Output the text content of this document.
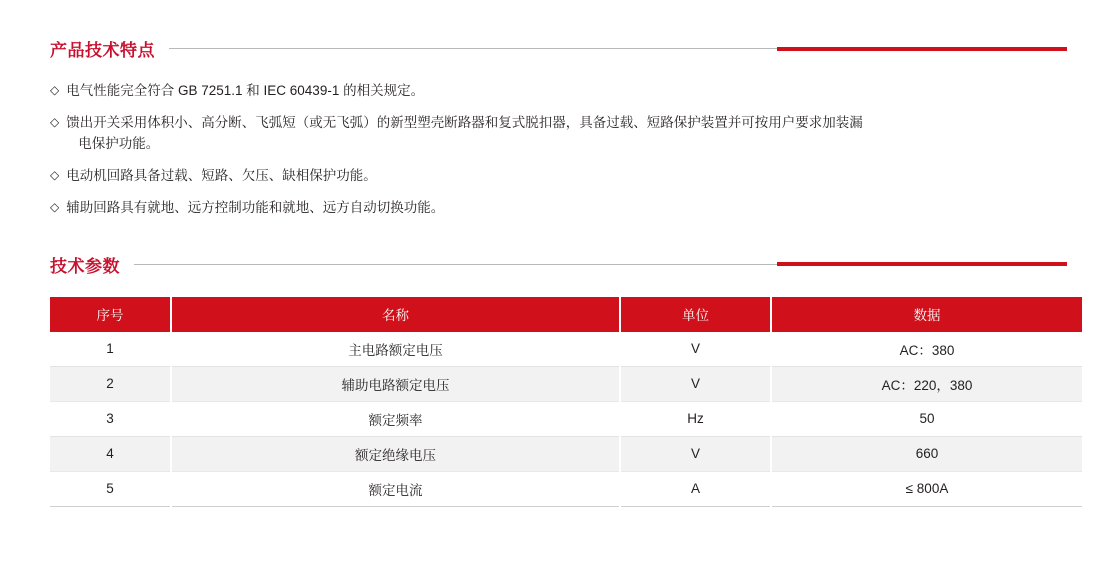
产品技术特点
◇ 电气性能完全符合 GB 7251.1 和 IEC 60439-1 的相关规定。
◇ 馈出开关采用体积小、高分断、飞弧短（或无飞弧）的新型塑壳断路器和复式脱扣器，具备过载、短路保护装置并可按用户要求加装漏
电保护功能。
◇ 电动机回路具备过载、短路、欠压、缺相保护功能。
◇ 辅助回路具有就地、远方控制功能和就地、远方自动切换功能。
技术参数
序号	名称	单位	数据
1	主电路额定电压	V	AC：380
2	辅助电路额定电压	V	AC：220，380
3	额定频率	Hz	50
4	额定绝缘电压	V	660
5	额定电流	A	≤ 800A
